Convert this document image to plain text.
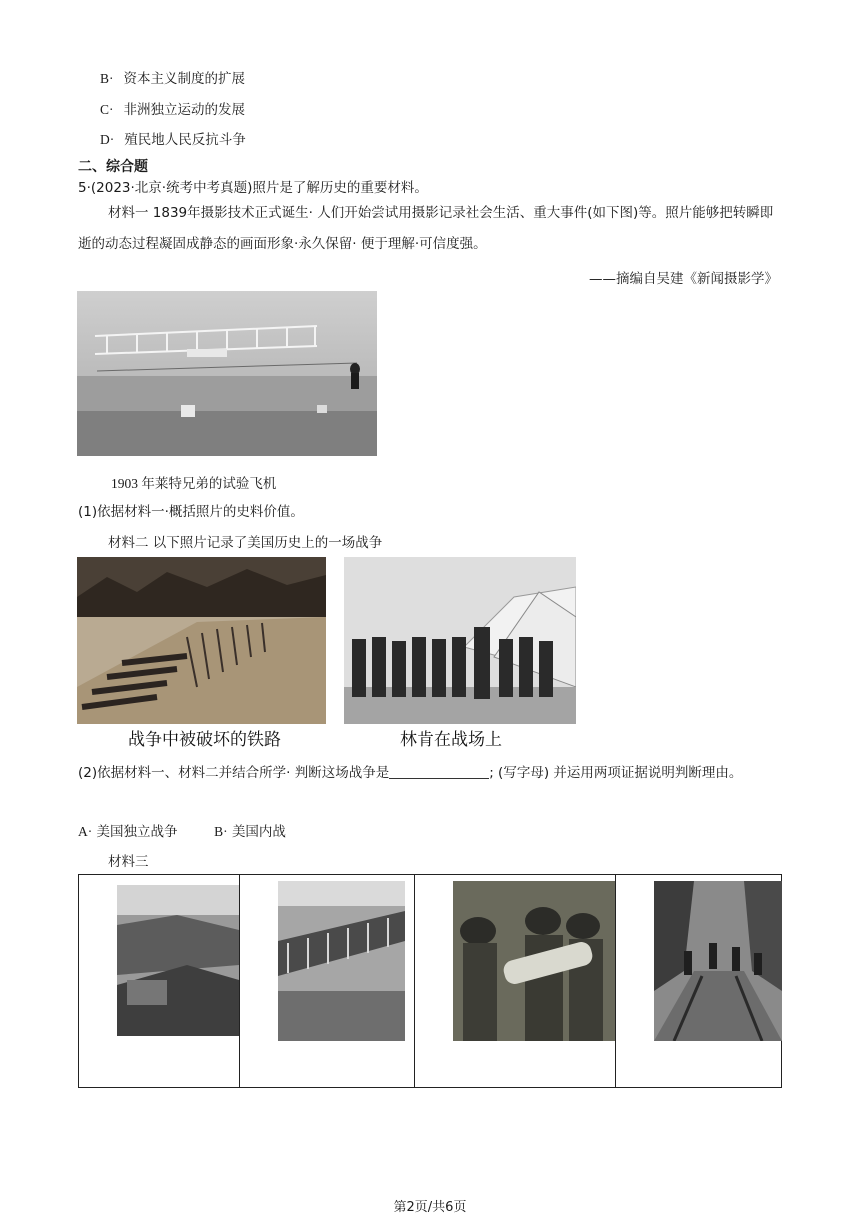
B· 资本主义制度的扩展
C· 非洲独立运动的发展
D· 殖民地人民反抗斗争
二、综合题
5·(2023·北京·统考中考真题)照片是了解历史的重要材料。
材料一 1839年摄影技术正式诞生· 人们开始尝试用摄影记录社会生活、重大事件(如下图)等。照片能够把转瞬即逝的动态过程凝固成静态的画面形象·永久保留· 便于理解·可信度强。
——摘编自吴建《新闻摄影学》
1903 年莱特兄弟的试验飞机
(1)依据材料一·概括照片的史料价值。
材料二 以下照片记录了美国历史上的一场战争
战争中被破坏的铁路	林肯在战场上
(2)依据材料一、材料二并结合所学· 判断这场战争是	; (写字母) 并运用两项证据说明判断理由。
A· 美国独立战争	B· 美国内战
材料三

第2页/共6页
